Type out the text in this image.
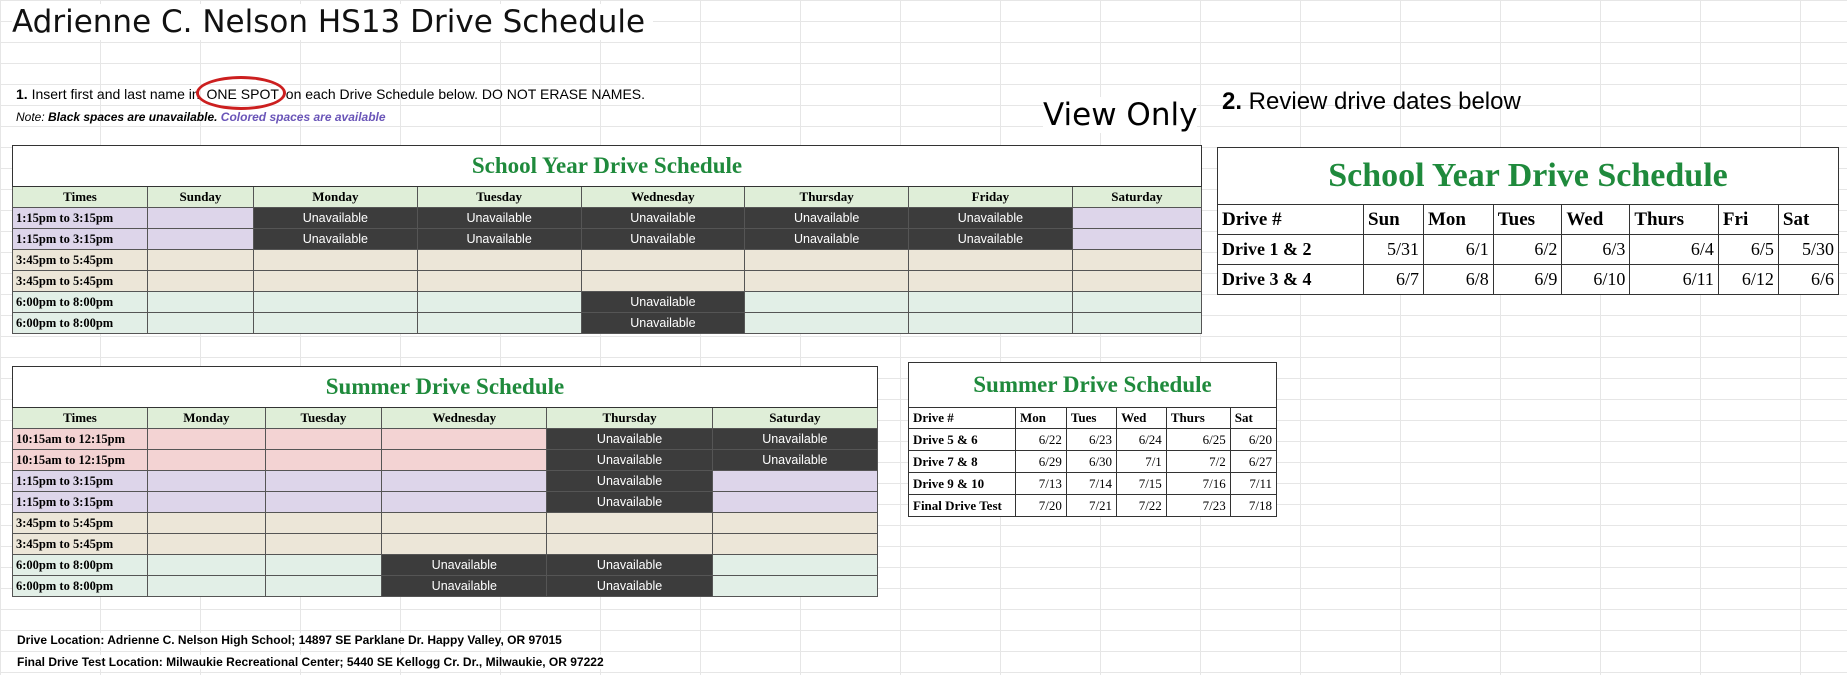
Adrienne C. Nelson HS13 Drive Schedule
1. Insert first and last name in
ONE SPOT on each Drive Schedule below. DO NOT ERASE NAMES.
Note: Black spaces are unavailable. Colored spaces are available	View Only 2. Review drive dates below
School Year Drive Schedule							
Times	Sunday	Monday	Tuesday	Wednesday	Thursday	Friday	Saturday
1:15pm to 3:15pm		Unavailable	Unavailable	Unavailable	Unavailable	Unavailable	
1:15pm to 3:15pm		Unavailable	Unavailable	Unavailable	Unavailable	Unavailable	
3:45pm to 5:45pm							
3:45pm to 5:45pm							
6:00pm to 8:00pm				Unavailable			
6:00pm to 8:00pm				Unavailable			
Summer Drive Schedule					
Times	Monday	Tuesday	Wednesday	Thursday	Saturday
10:15am to 12:15pm				Unavailable	Unavailable
10:15am to 12:15pm				Unavailable	Unavailable
1:15pm to 3:15pm				Unavailable	
1:15pm to 3:15pm				Unavailable	
3:45pm to 5:45pm					
3:45pm to 5:45pm					
6:00pm to 8:00pm			Unavailable	Unavailable	
6:00pm to 8:00pm			Unavailable	Unavailable	
School Year Drive Schedule							
Drive #	Sun	Mon	Tues	Wed	Thurs	Fri	Sat
Drive 1 & 2	5/31	6/1	6/2	6/3	6/4	6/5	5/30
Drive 3 & 4	6/7	6/8	6/9	6/10	6/11	6/12	6/6
Summer Drive Schedule					
Drive #	Mon	Tues	Wed	Thurs	Sat
Drive 5 & 6	6/22	6/23	6/24	6/25	6/20
Drive 7 & 8	6/29	6/30	7/1	7/2	6/27
Drive 9 & 10	7/13	7/14	7/15	7/16	7/11
Final Drive Test	7/20	7/21	7/22	7/23	7/18
Drive Location: Adrienne C. Nelson High School; 14897 SE Parklane Dr. Happy Valley, OR 97015
Final Drive Test Location: Milwaukie Recreational Center; 5440 SE Kellogg Cr. Dr., Milwaukie, OR 97222
